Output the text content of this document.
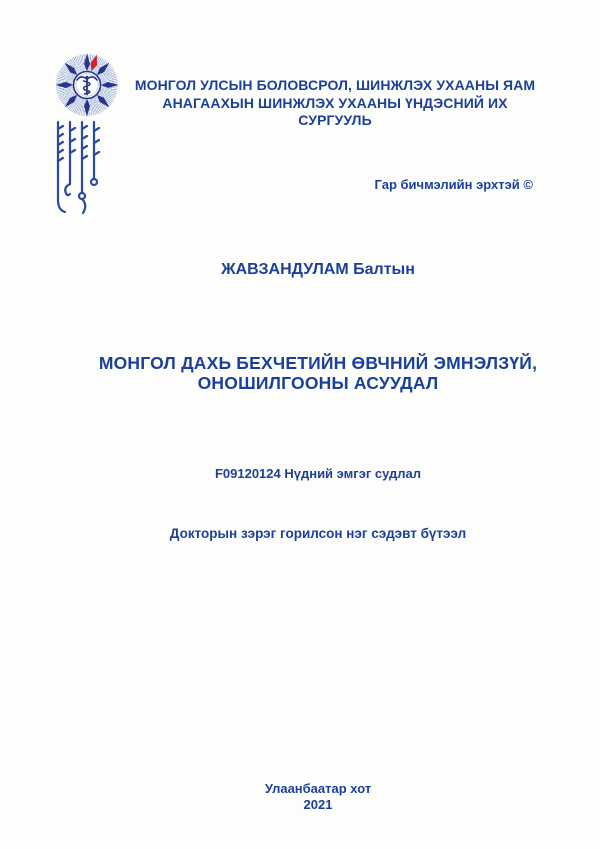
МОНГОЛ УЛСЫН БОЛОВСРОЛ, ШИНЖЛЭХ УХААНЫ ЯАМ
АНАГААХЫН ШИНЖЛЭХ УХААНЫ ҮНДЭСНИЙ ИХ СУРГУУЛЬ
Гар бичмэлийн эрхтэй ©
ЖАВЗАНДУЛАМ Балтын
МОНГОЛ ДАХЬ БЕХЧЕТИЙН ӨВЧНИЙ ЭМНЭЛЗҮЙ,
ОНОШИЛГООНЫ АСУУДАЛ
F09120124 Нүдний эмгэг судлал
Докторын зэрэг горилсон нэг сэдэвт бүтээл
Улаанбаатар хот
2021
